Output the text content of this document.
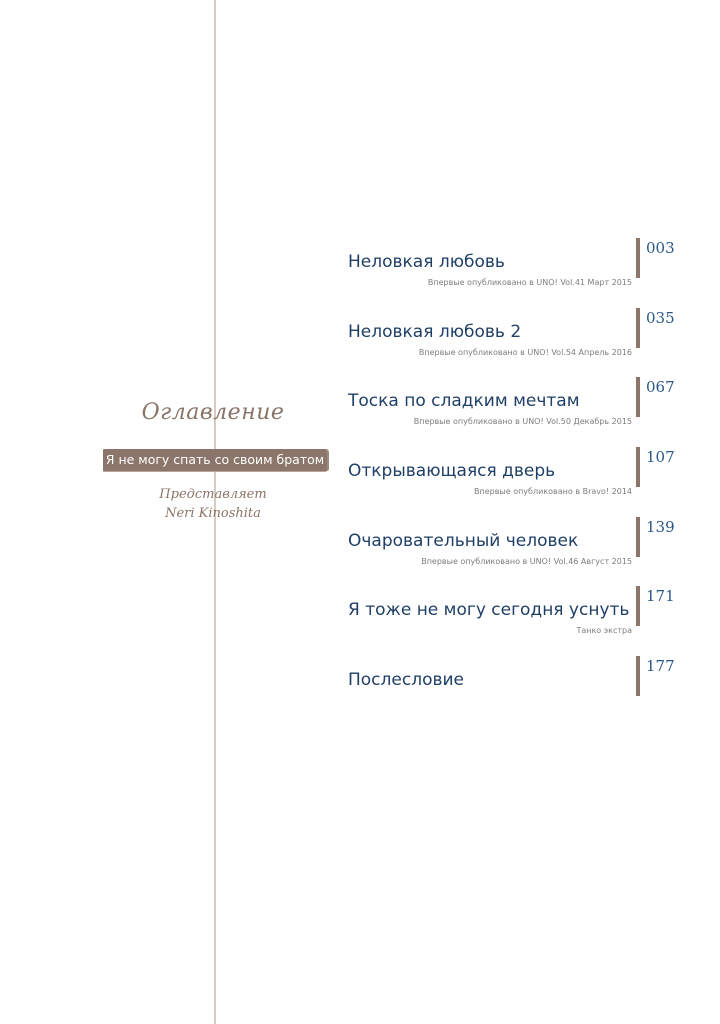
Оглавление
Я не могу спать со своим братом
Представляет
Neri Kinoshita
Неловкая любовь
Впервые опубликовано в UNO! Vol.41 Март 2015
003
Неловкая любовь 2
Впервые опубликовано в UNO! Vol.54 Апрель 2016
035
Тоска по сладким мечтам
Впервые опубликовано в UNO! Vol.50 Декабрь 2015
067
Открывающаяся дверь
Впервые опубликовано в Bravo! 2014
107
Очаровательный человек
Впервые опубликовано в UNO! Vol.46 Август 2015
139
Я тоже не могу сегодня уснуть
Танко экстра
171
Послесловие
177
